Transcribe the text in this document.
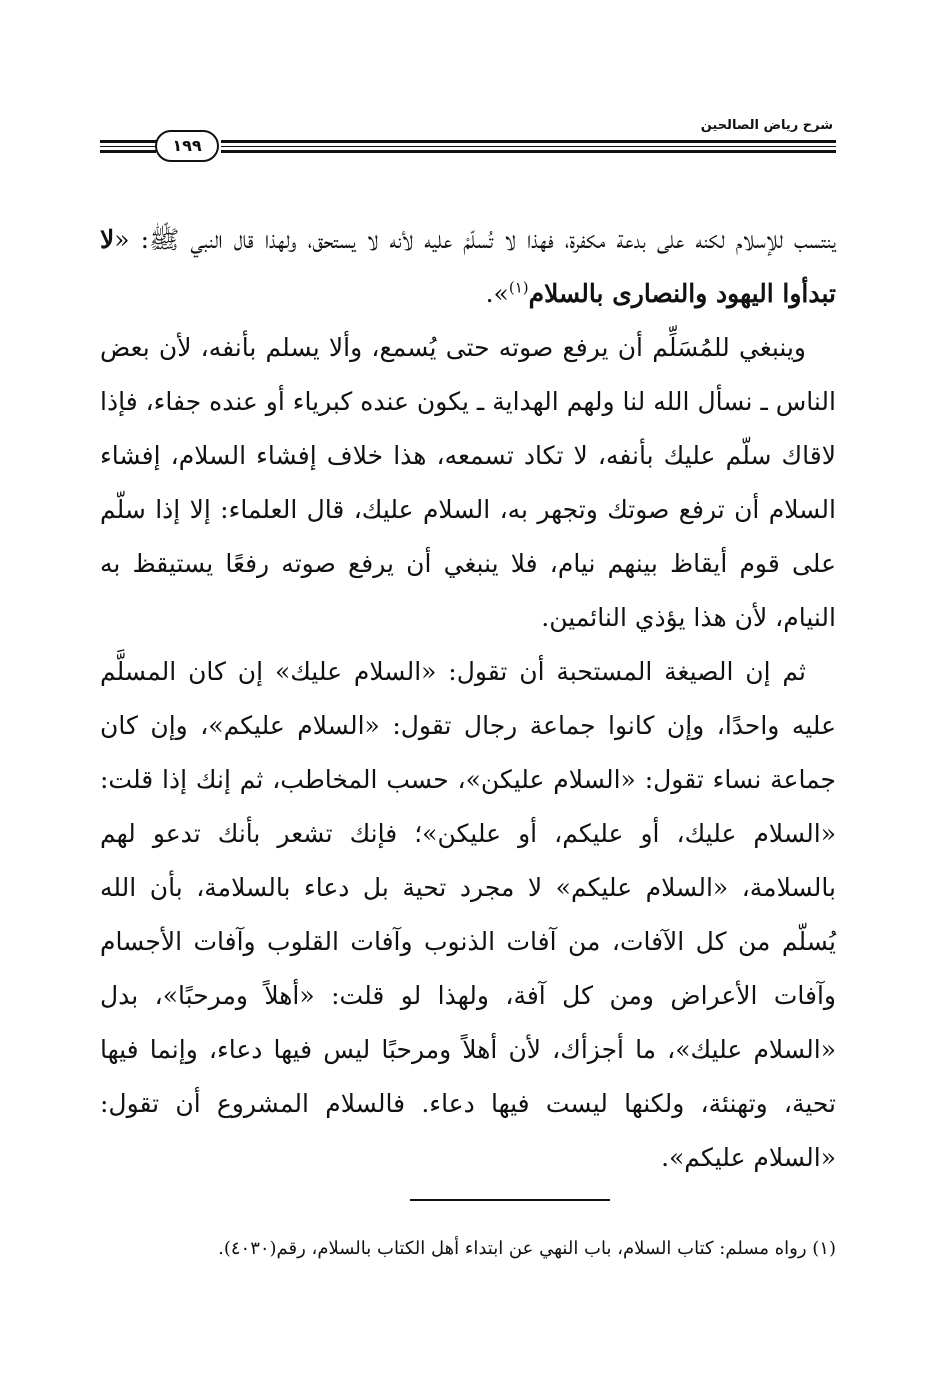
شرح رياض الصالحين
١٩٩

ينتسب للإسلام لكنه على بدعة مكفرة، فهذا لا تُسلّمْ عليه لأنه لا يستحق، ولهذا قال النبي ﷺ: «لا تبدأوا اليهود والنصارى بالسلام$^{(١)}$».

وينبغي للمُسَلِّم أن يرفع صوته حتى يُسمع، وألا يسلم بأنفه، لأن بعض الناس ـ نسأل الله لنا ولهم الهداية ـ يكون عنده كبرياء أو عنده جفاء، فإذا لاقاك سلّم عليك بأنفه، لا تكاد تسمعه، هذا خلاف إفشاء السلام، إفشاء السلام أن ترفع صوتك وتجهر به، السلام عليك، قال العلماء: إلا إذا سلّم على قوم أيقاظ بينهم نيام، فلا ينبغي أن يرفع صوته رفعًا يستيقظ به النيام، لأن هذا يؤذي النائمين.

ثم إن الصيغة المستحبة أن تقول: «السلام عليك» إن كان المسلَّم عليه واحدًا، وإن كانوا جماعة رجال تقول: «السلام عليكم»، وإن كان جماعة نساء تقول: «السلام عليكن»، حسب المخاطب، ثم إنك إذا قلت: «السلام عليك، أو عليكم، أو عليكن»؛ فإنك تشعر بأنك تدعو لهم بالسلامة، «السلام عليكم» لا مجرد تحية بل دعاء بالسلامة، بأن الله يُسلّم من كل الآفات، من آفات الذنوب وآفات القلوب وآفات الأجسام وآفات الأعراض ومن كل آفة، ولهذا لو قلت: «أهلاً ومرحبًا»، بدل «السلام عليك»، ما أجزأك، لأن أهلاً ومرحبًا ليس فيها دعاء، وإنما فيها تحية، وتهنئة، ولكنها ليست فيها دعاء. فالسلام المشروع أن تقول: «السلام عليكم».

(١) رواه مسلم: كتاب السلام، باب النهي عن ابتداء أهل الكتاب بالسلام، رقم(٤٠٣٠).
